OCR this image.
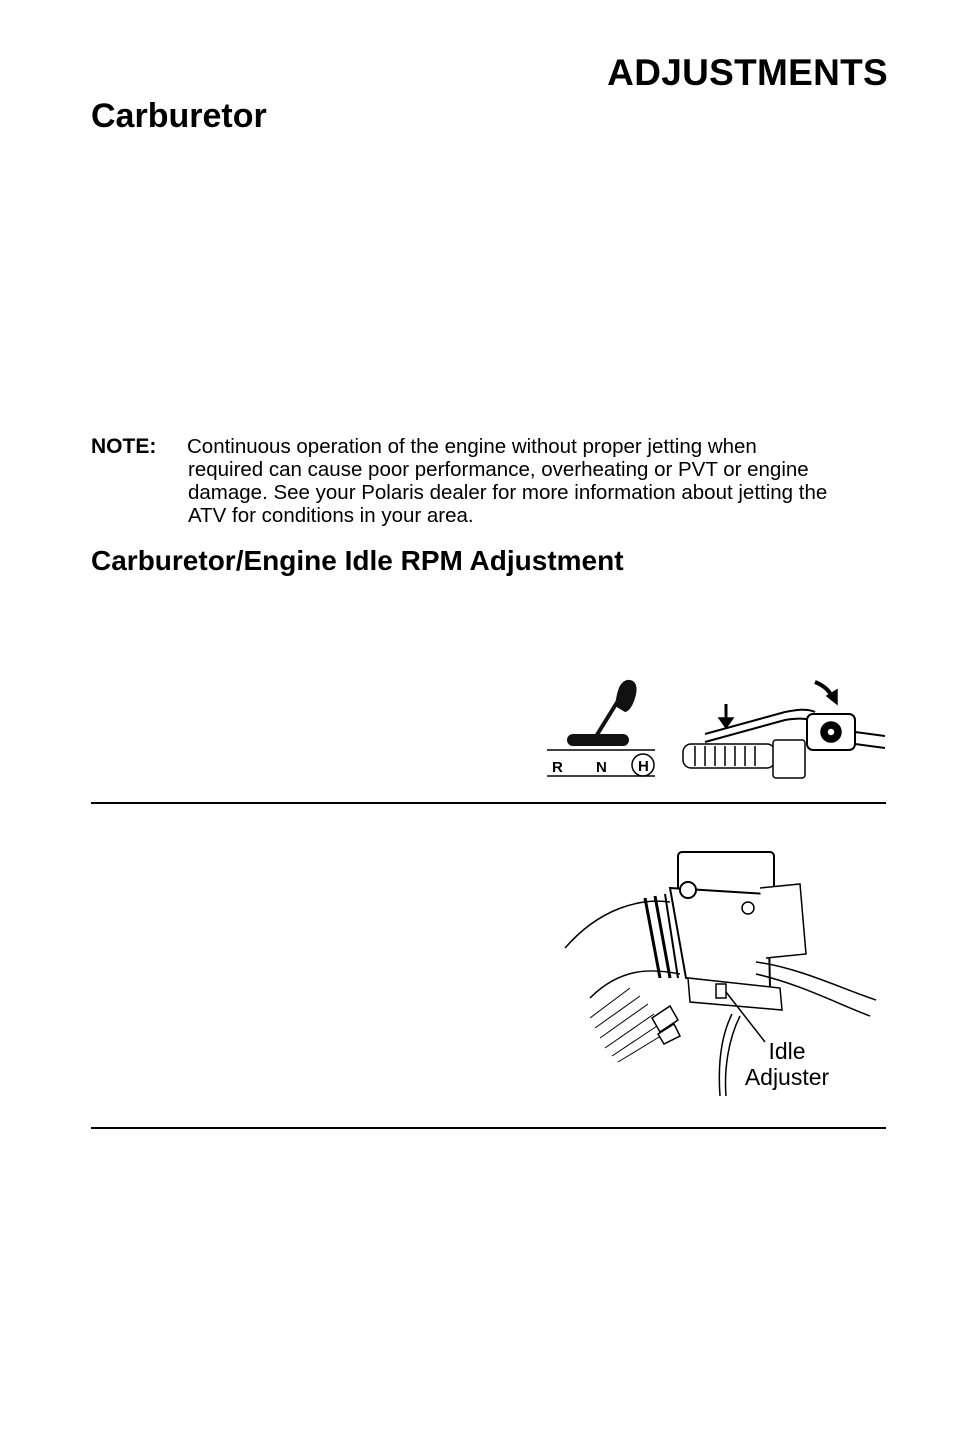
ADJUSTMENTS
Carburetor
NOTE: Continuous operation of the engine without proper jetting when
required can cause poor performance, overheating or PVT or engine
damage. See your Polaris dealer for more information about jetting the
ATV for conditions in your area.
Carburetor/Engine Idle RPM Adjustment
R N H
Idle
Adjuster
